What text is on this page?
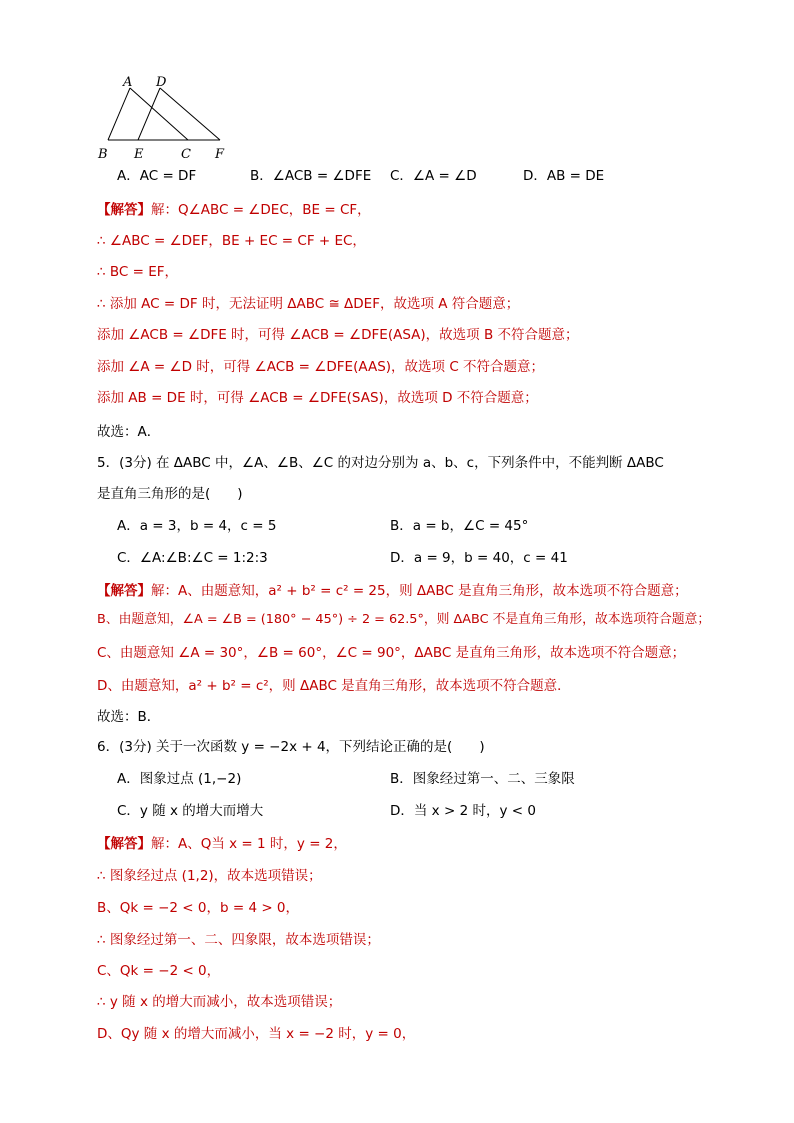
A D
B E	C F
A．AC = DF	B．∠ACB = ∠DFE C．∠A = ∠D	D．AB = DE
【解答】解：Q∠ABC = ∠DEC，BE = CF，
∴ ∠ABC = ∠DEF，BE + EC = CF + EC，
∴ BC = EF，
∴ 添加 AC = DF 时，无法证明 ΔABC ≅ ΔDEF，故选项 A 符合题意；
添加 ∠ACB = ∠DFE 时，可得 ∠ACB = ∠DFE(ASA)，故选项 B 不符合题意；
添加 ∠A = ∠D 时，可得 ∠ACB = ∠DFE(AAS)，故选项 C 不符合题意；
添加 AB = DE 时，可得 ∠ACB = ∠DFE(SAS)，故选项 D 不符合题意；
故选：A．
5．(3分) 在 ΔABC 中，∠A、∠B、∠C 的对边分别为 a、b、c，下列条件中，不能判断 ΔABC
是直角三角形的是(　　)
A．a = 3，b = 4，c = 5	B．a = b，∠C = 45°
C．∠A:∠B:∠C = 1:2:3	D．a = 9，b = 40，c = 41
【解答】解：A、由题意知，a² + b² = c² = 25，则 ΔABC 是直角三角形，故本选项不符合题意；
B、由题意知，∠A = ∠B = (180° − 45°) ÷ 2 = 62.5°，则 ΔABC 不是直角三角形，故本选项符合题意；
C、由题意知 ∠A = 30°，∠B = 60°，∠C = 90°，ΔABC 是直角三角形，故本选项不符合题意；
D、由题意知，a² + b² = c²，则 ΔABC 是直角三角形，故本选项不符合题意．
故选：B．
6．(3分) 关于一次函数 y = −2x + 4，下列结论正确的是(　　)
A．图象过点 (1,−2)	B．图象经过第一、二、三象限
C．y 随 x 的增大而增大	D．当 x > 2 时，y < 0
【解答】解：A、Q当 x = 1 时，y = 2，
∴ 图象经过点 (1,2)，故本选项错误；
B、Qk = −2 < 0，b = 4 > 0，
∴ 图象经过第一、二、四象限，故本选项错误；
C、Qk = −2 < 0，
∴ y 随 x 的增大而减小，故本选项错误；
D、Qy 随 x 的增大而减小，当 x = −2 时，y = 0，
